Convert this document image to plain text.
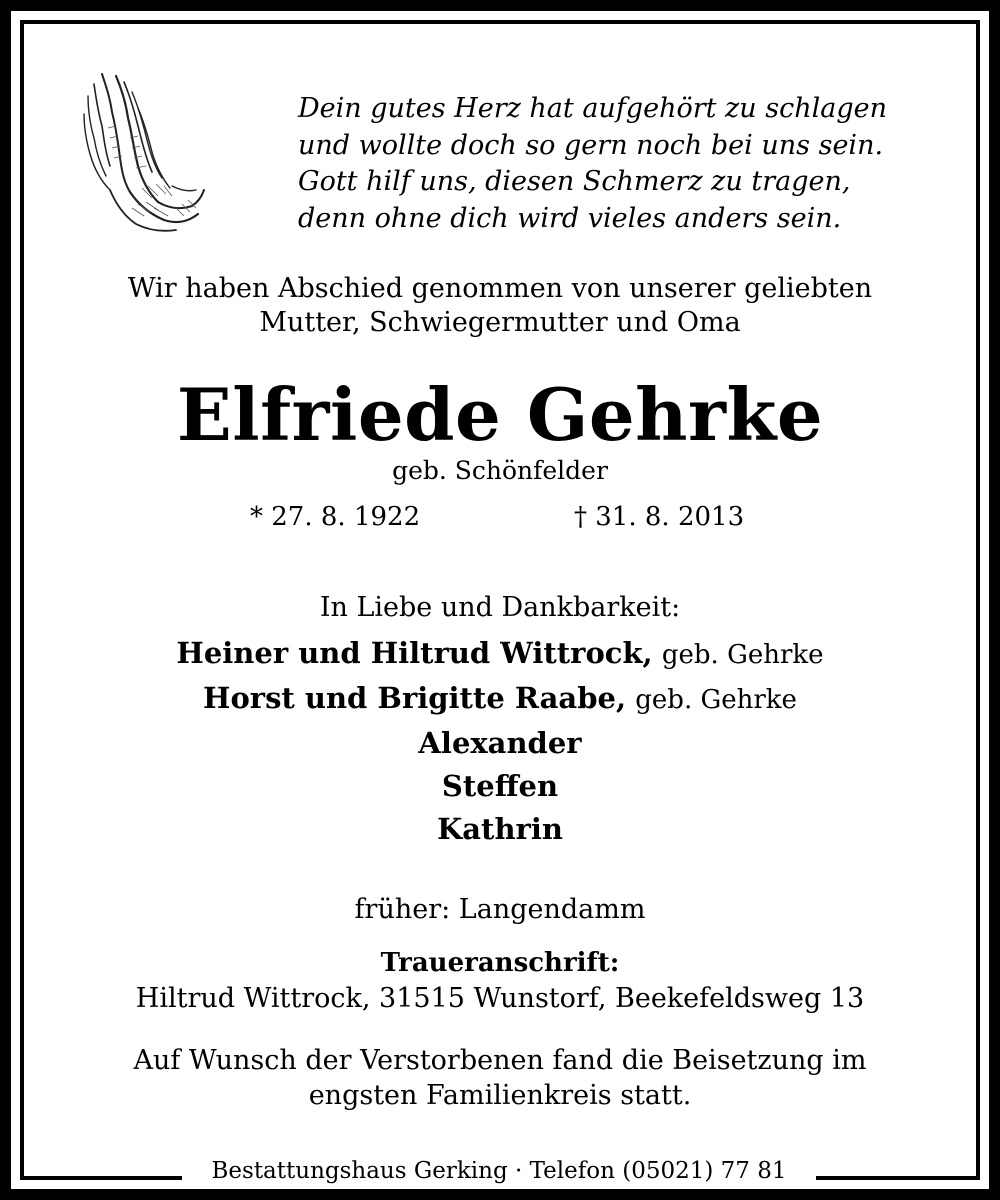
Dein gutes Herz hat aufgehört zu schlagen
und wollte doch so gern noch bei uns sein.
Gott hilf uns, diesen Schmerz zu tragen,
denn ohne dich wird vieles anders sein.
Wir haben Abschied genommen von unserer geliebten
Mutter, Schwiegermutter und Oma
Elfriede Gehrke
geb. Schönfelder
* 27. 8. 1922	† 31. 8. 2013
In Liebe und Dankbarkeit:
Heiner und Hiltrud Wittrock, geb. Gehrke
Horst und Brigitte Raabe, geb. Gehrke
Alexander
Steffen
Kathrin
früher: Langendamm
Traueranschrift:
Hiltrud Wittrock, 31515 Wunstorf, Beekefeldsweg 13
Auf Wunsch der Verstorbenen fand die Beisetzung im
engsten Familienkreis statt.
Bestattungshaus Gerking · Telefon (05021) 77 81
